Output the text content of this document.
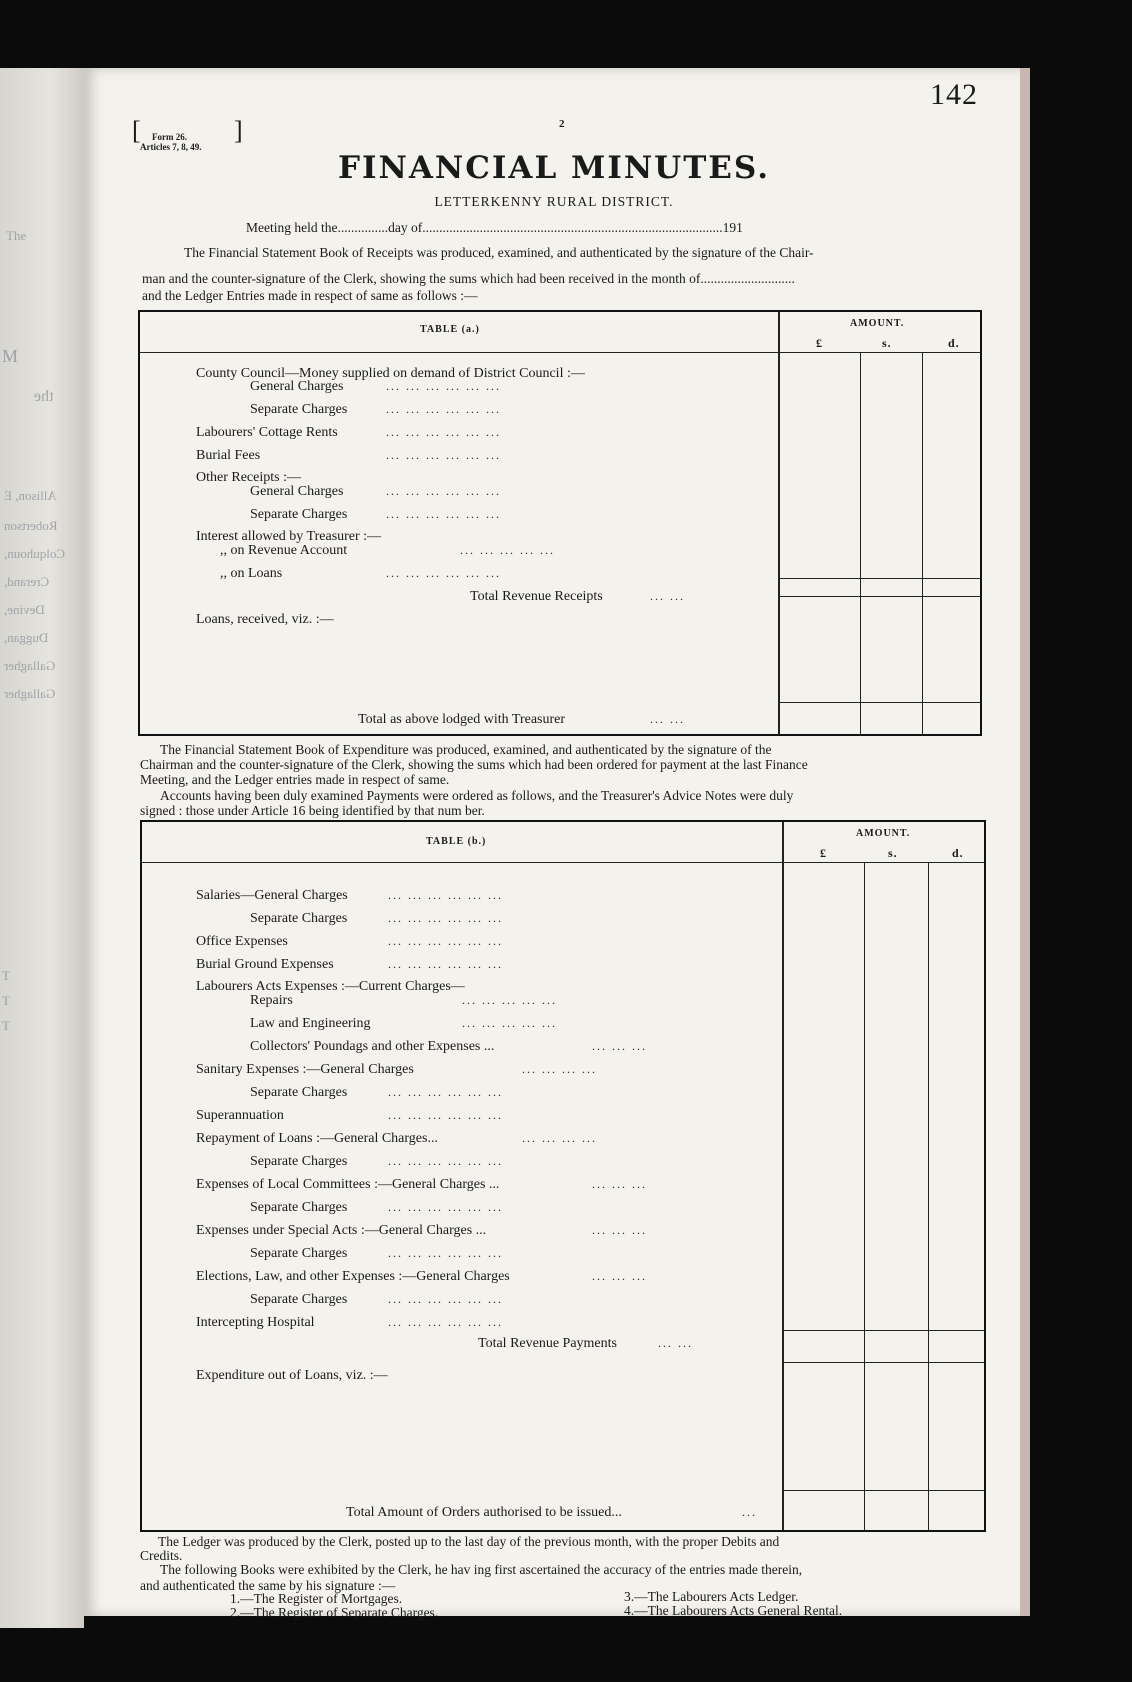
The
M
the
Allison, E
Robertson
Colquhoun,
Crerand,
Devine,
Duggan,
Gallagher
Gallagher
T
T
T
142
2
[	Form 26.
Articles 7, 8, 49.
]
FINANCIAL MINUTES.
LETTERKENNY RURAL DISTRICT.
Meeting held the...............day of.........................................................................................191
The Financial Statement Book of Receipts was produced, examined, and authenticated by the signature of the Chair-
man and the counter-signature of the Clerk, showing the sums which had been received in the month of............................
and the Ledger Entries made in respect of same as follows :—
TABLE (a.)
AMOUNT.
£	s.	d.
County Council—Money supplied on demand of District Council :—
General Charges	... ... ... ... ... ...
Separate Charges	... ... ... ... ... ...
Labourers' Cottage Rents	... ... ... ... ... ...
Burial Fees	... ... ... ... ... ...
Other Receipts :—
General Charges	... ... ... ... ... ...
Separate Charges	... ... ... ... ... ...
Interest allowed by Treasurer :—
,, on Revenue Account	... ... ... ... ...
,, on Loans	... ... ... ... ... ...
Total Revenue Receipts	... ...
Loans, received, viz. :—
Total as above lodged with Treasurer	... ...
The Financial Statement Book of Expenditure was produced, examined, and authenticated by the signature of the
Chairman and the counter-signature of the Clerk, showing the sums which had been ordered for payment at the last Finance
Meeting, and the Ledger entries made in respect of same.
Accounts having been duly examined Payments were ordered as follows, and the Treasurer's Advice Notes were duly
signed : those under Article 16 being identified by that num ber.
TABLE (b.)
AMOUNT.
£	s.	d.
Salaries—General Charges	... ... ... ... ... ...
Separate Charges	... ... ... ... ... ...
Office Expenses	... ... ... ... ... ...
Burial Ground Expenses	... ... ... ... ... ...
Labourers Acts Expenses :—Current Charges—
Repairs	... ... ... ... ...
Law and Engineering	... ... ... ... ...
Collectors' Poundags and other Expenses ...	... ... ...
Sanitary Expenses :—General Charges	... ... ... ...
Separate Charges	... ... ... ... ... ...
Superannuation	... ... ... ... ... ...
Repayment of Loans :—General Charges...	... ... ... ...
Separate Charges	... ... ... ... ... ...
Expenses of Local Committees :—General Charges ...	... ... ...
Separate Charges	... ... ... ... ... ...
Expenses under Special Acts :—General Charges ...	... ... ...
Separate Charges	... ... ... ... ... ...
Elections, Law, and other Expenses :—General Charges	... ... ...
Separate Charges	... ... ... ... ... ...
Intercepting Hospital	... ... ... ... ... ...
Total Revenue Payments	... ...
Expenditure out of Loans, viz. :—
Total Amount of Orders authorised to be issued...	...
The Ledger was produced by the Clerk, posted up to the last day of the previous month, with the proper Debits and
Credits.
The following Books were exhibited by the Clerk, he hav ing first ascertained the accuracy of the entries made therein,
and authenticated the same by his signature :—
1.—The Register of Mortgages.
2.—The Register of Separate Charges.
3.—The Labourers Acts Ledger.
4.—The Labourers Acts General Rental.
